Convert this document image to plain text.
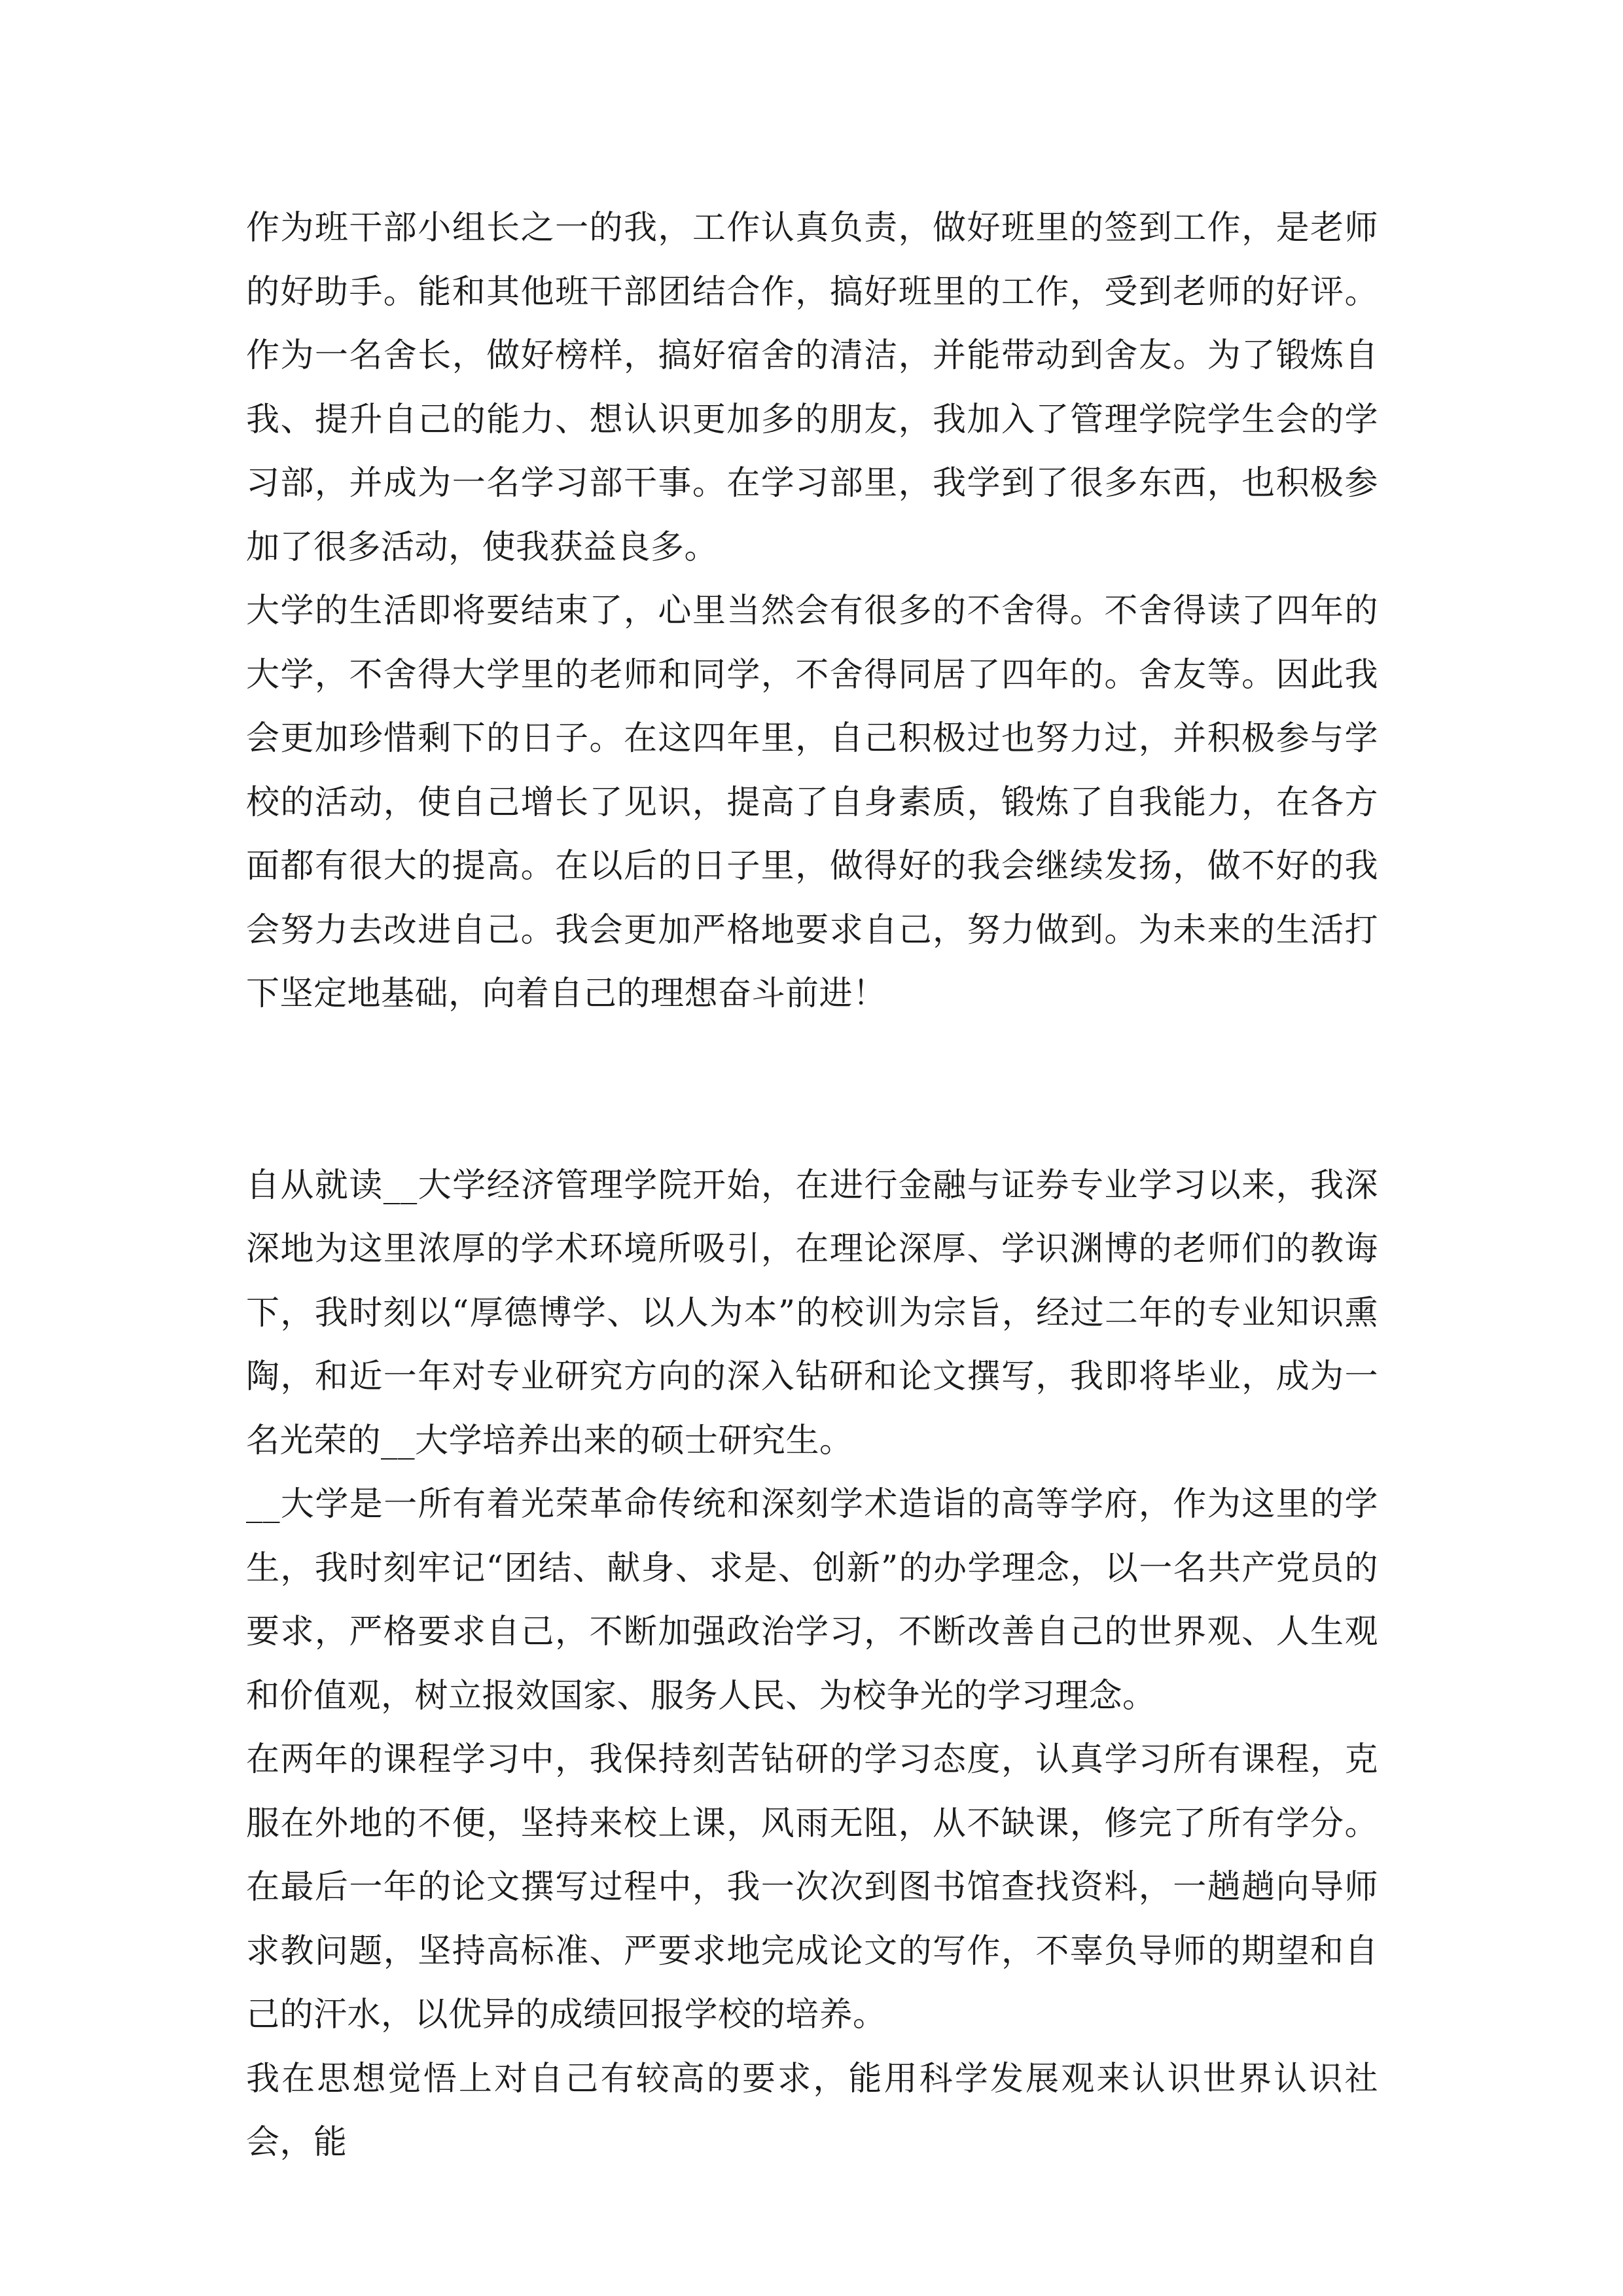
作为班干部小组长之一的我，工作认真负责，做好班里的签到工作，是老师的好助手。能和其他班干部团结合作，搞好班里的工作，受到老师的好评。作为一名舍长，做好榜样，搞好宿舍的清洁，并能带动到舍友。为了锻炼自我、提升自己的能力、想认识更加多的朋友，我加入了管理学院学生会的学习部，并成为一名学习部干事。在学习部里，我学到了很多东西，也积极参加了很多活动，使我获益良多。

大学的生活即将要结束了，心里当然会有很多的不舍得。不舍得读了四年的大学，不舍得大学里的老师和同学，不舍得同居了四年的。舍友等。因此我会更加珍惜剩下的日子。在这四年里，自己积极过也努力过，并积极参与学校的活动，使自己增长了见识，提高了自身素质，锻炼了自我能力，在各方面都有很大的提高。在以后的日子里，做得好的我会继续发扬，做不好的我会努力去改进自己。我会更加严格地要求自己，努力做到。为未来的生活打下坚定地基础，向着自己的理想奋斗前进！

自从就读__大学经济管理学院开始，在进行金融与证券专业学习以来，我深深地为这里浓厚的学术环境所吸引，在理论深厚、学识渊博的老师们的教诲下，我时刻以“厚德博学、以人为本”的校训为宗旨，经过二年的专业知识熏陶，和近一年对专业研究方向的深入钻研和论文撰写，我即将毕业，成为一名光荣的__大学培养出来的硕士研究生。

__大学是一所有着光荣革命传统和深刻学术造诣的高等学府，作为这里的学生，我时刻牢记“团结、献身、求是、创新”的办学理念，以一名共产党员的要求，严格要求自己，不断加强政治学习，不断改善自己的世界观、人生观和价值观，树立报效国家、服务人民、为校争光的学习理念。

在两年的课程学习中，我保持刻苦钻研的学习态度，认真学习所有课程，克服在外地的不便，坚持来校上课，风雨无阻，从不缺课，修完了所有学分。在最后一年的论文撰写过程中，我一次次到图书馆查找资料，一趟趟向导师求教问题，坚持高标准、严要求地完成论文的写作，不辜负导师的期望和自己的汗水，以优异的成绩回报学校的培养。

我在思想觉悟上对自己有较高的要求，能用科学发展观来认识世界认识社会，能
